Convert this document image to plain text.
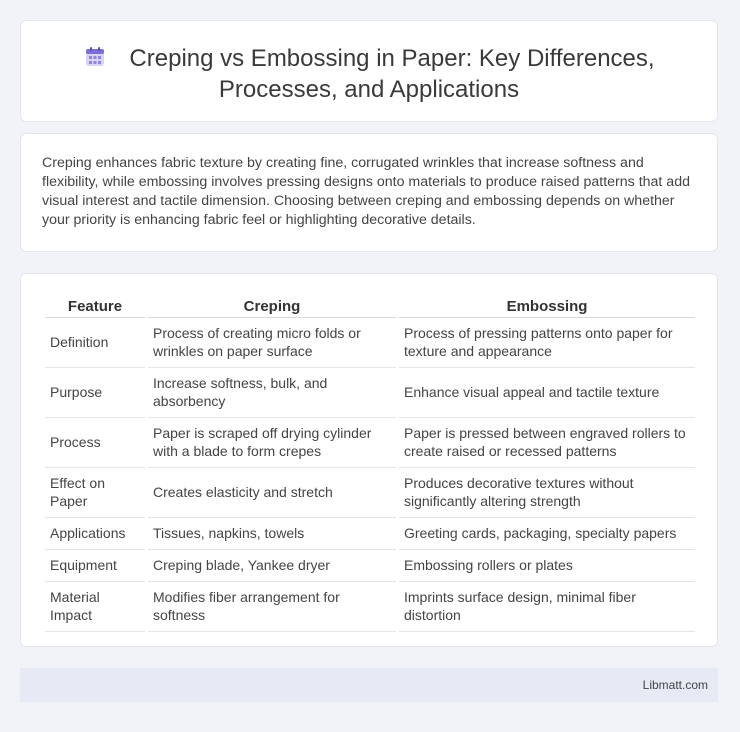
Creping vs Embossing in Paper: Key Differences,
Processes, and Applications
Creping enhances fabric texture by creating fine, corrugated wrinkles that increase softness and flexibility, while embossing involves pressing designs onto materials to produce raised patterns that add visual interest and tactile dimension. Choosing between creping and embossing depends on whether your priority is enhancing fabric feel or highlighting decorative details.
Feature	Creping	Embossing
Definition	Process of creating micro folds or wrinkles on paper surface	Process of pressing patterns onto paper for texture and appearance
Purpose	Increase softness, bulk, and absorbency	Enhance visual appeal and tactile texture
Process	Paper is scraped off drying cylinder with a blade to form crepes	Paper is pressed between engraved rollers to create raised or recessed patterns
Effect on Paper	Creates elasticity and stretch	Produces decorative textures without significantly altering strength
Applications	Tissues, napkins, towels	Greeting cards, packaging, specialty papers
Equipment	Creping blade, Yankee dryer	Embossing rollers or plates
Material Impact	Modifies fiber arrangement for softness	Imprints surface design, minimal fiber distortion
Libmatt.com
